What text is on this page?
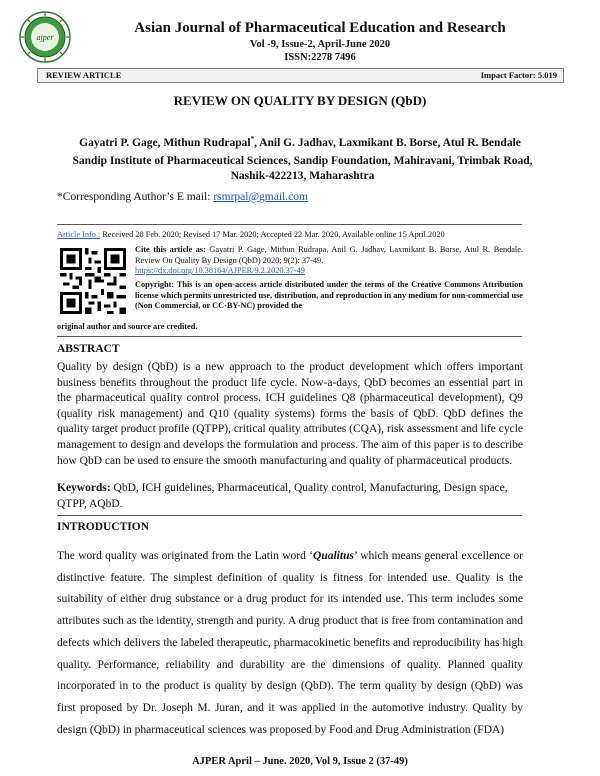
ajper
Asian Journal of Pharmaceutical Education and Research
Vol -9, Issue-2, April-June 2020
ISSN:2278 7496
REVIEW ARTICLE	Impact Factor: 5.019
REVIEW ON QUALITY BY DESIGN (QbD)
Gayatri P. Gage, Mithun Rudrapal*, Anil G. Jadhav, Laxmikant B. Borse, Atul R. Bendale
Sandip Institute of Pharmaceutical Sciences, Sandip Foundation, Mahiravani, Trimbak Road, Nashik-422213, Maharashtra
*Corresponding Author’s E mail: rsmrpal@gmail.com
Article Info : Received 28 Feb. 2020; Revised 17 Mar. 2020; Accepted 22 Mar. 2020, Available online 15 April.2020
Cite this article as: Gayatri P. Gage, Mithun Rudrapa, Anil G. Jadhav, Laxmikant B. Borse, Atul R. Bendale. Review On Quality By Design (QbD) 2020; 9(2): 37-49.
https://dx.doi.org/10.38164/AJPER/9.2.2020.37-49
Copyright: This is an open-access article distributed under the terms of the Creative Commons Attribution license which permits unrestricted use, distribution, and reproduction in any medium for non-commercial use (Non Commercial, or CC-BY-NC) provided the
original author and source are credited.
ABSTRACT
Quality by design (QbD) is a new approach to the product development which offers important business benefits throughout the product life cycle. Now-a-days, QbD becomes an essential part in the pharmaceutical quality control process. ICH guidelines Q8 (pharmaceutical development), Q9 (quality risk management) and Q10 (quality systems) forms the basis of QbD. QbD defines the quality target product profile (QTPP), critical quality attributes (CQA), risk assessment and life cycle management to design and develops the formulation and process. The aim of this paper is to describe how QbD can be used to ensure the smooth manufacturing and quality of pharmaceutical products.
Keywords: QbD, ICH guidelines, Pharmaceutical, Quality control, Manufacturing, Design space, QTPP, AQbD.
INTRODUCTION
The word quality was originated from the Latin word ‘Qualitus’ which means general excellence or distinctive feature. The simplest definition of quality is fitness for intended use. Quality is the suitability of either drug substance or a drug product for its intended use. This term includes some attributes such as the identity, strength and purity. A drug product that is free from contamination and defects which delivers the labeled therapeutic, pharmacokinetic benefits and reproducibility has high quality. Performance, reliability and durability are the dimensions of quality. Planned quality incorporated in to the product is quality by design (QbD). The term quality by design (QbD) was first proposed by Dr. Joseph M. Juran, and it was applied in the automotive industry. Quality by design (QbD) in pharmaceutical sciences was proposed by Food and Drug Administration (FDA)
AJPER April – June. 2020, Vol 9, Issue 2 (37-49)
